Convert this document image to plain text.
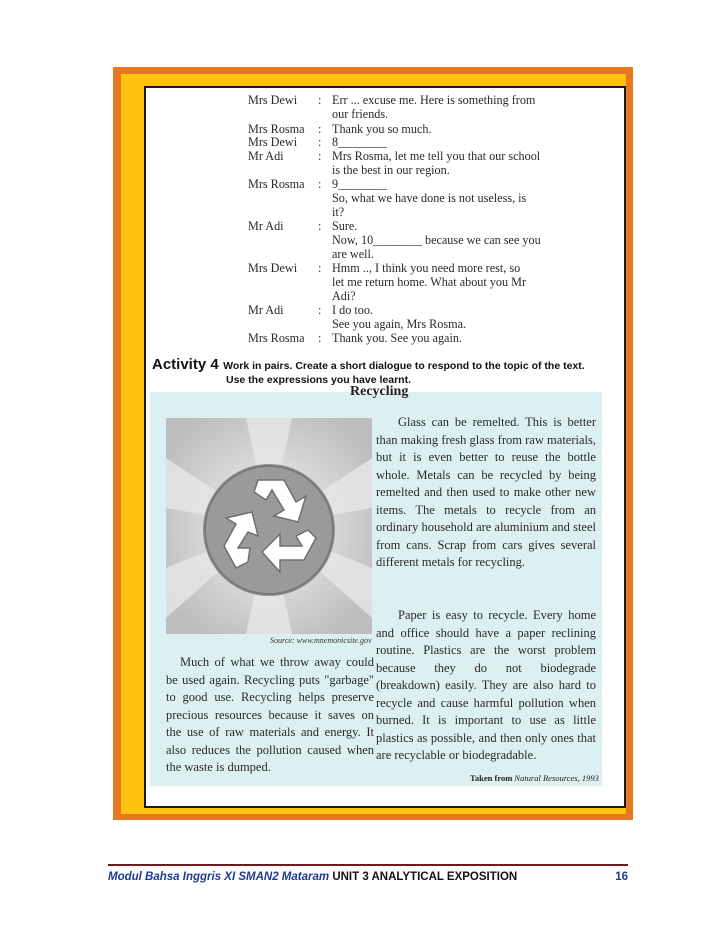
Mrs Dewi	: Err ... excuse me. Here is something from
our friends.
Mrs Rosma	: Thank you so much.
Mrs Dewi	: 8________
Mr Adi	: Mrs Rosma, let me tell you that our school
is the best in our region.
Mrs Rosma	: 9________
So, what we have done is not useless, is
it?
Mr Adi	: Sure.
Now, 10________ because we can see you
are well.
Mrs Dewi	: Hmm .., I think you need more rest, so
let me return home. What about you Mr
Adi?
Mr Adi	: I do too.
See you again, Mrs Rosma.
Mrs Rosma	: Thank you. See you again.
Activity 4 Work in pairs. Create a short dialogue to respond to the topic of the text.
Use the expressions you have learnt.
Recycling
Source: www.mnemonicsite.gov
Much of what we throw away could be used again. Recycling puts "garbage" to good use. Recycling helps preserve precious resources because it saves on the use of raw materials and energy. It also reduces the pollution caused when the waste is dumped.
Glass can be remelted. This is better than making fresh glass from raw materials, but it is even better to reuse the bottle whole. Metals can be recycled by being remelted and then used to make other new items. The metals to recycle from an ordinary household are aluminium and steel from cans. Scrap from cars gives several different metals for recycling.
Paper is easy to recycle. Every home and office should have a paper reclining routine. Plastics are the worst problem because they do not biodegrade (breakdown) easily. They are also hard to recycle and cause harmful pollution when burned. It is important to use as little plastics as possible, and then only ones that are recyclable or biodegradable.
Taken from Natural Resources, 1993
Modul Bahsa Inggris XI SMAN2 Mataram UNIT 3 ANALYTICAL EXPOSITION	16
